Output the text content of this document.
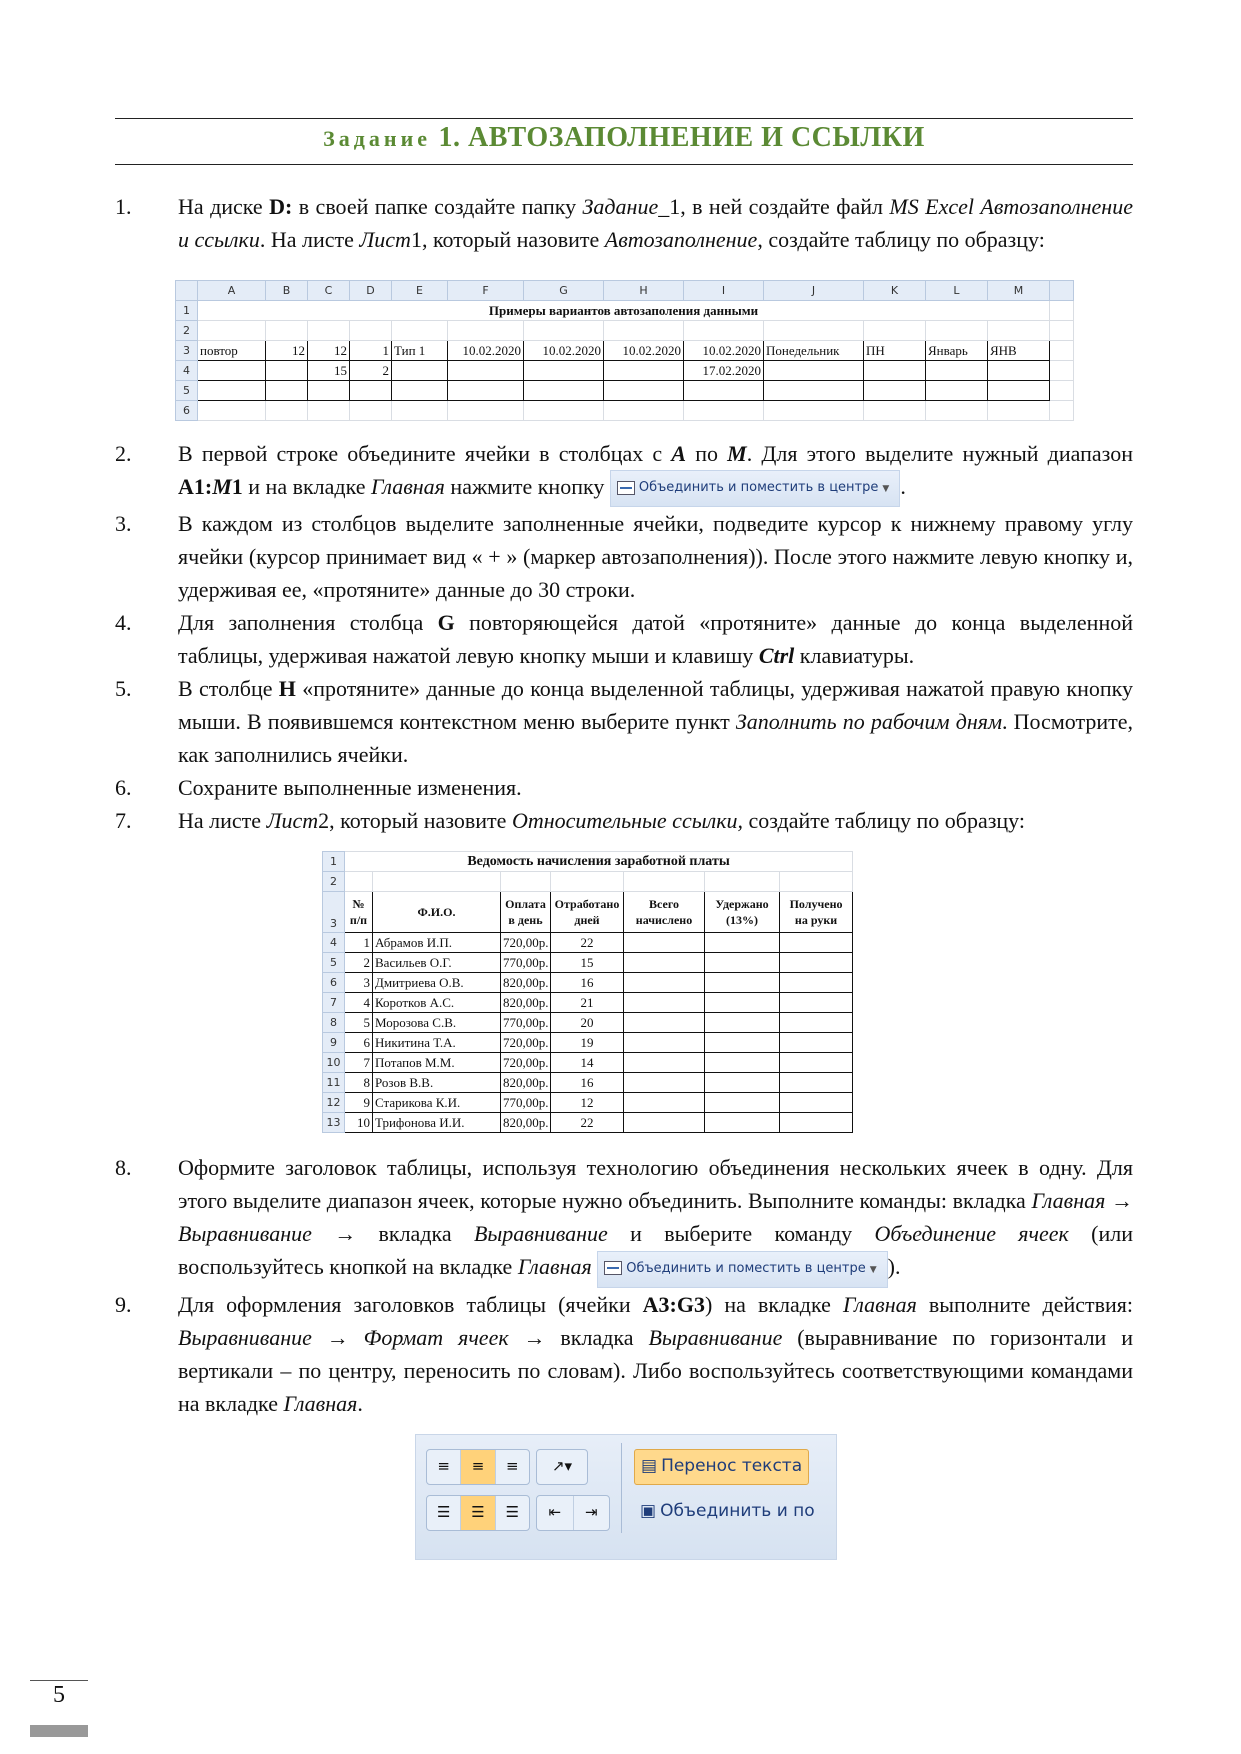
Задание 1. АВТОЗАПОЛНЕНИЕ И ССЫЛКИ
1.	На диске D: в своей папке создайте папку Задание_1, в ней создайте файл MS Excel Автозаполнение и ссылки. На листе Лист1, который назовите Автозаполнение, создайте таблицу по образцу:
	A	B	C	D	E	F	G	H	I	J	K	L	M	
1	Примеры вариантов автозаполения данными													
2														
3	повтор	12	12	1	Тип 1	10.02.2020	10.02.2020	10.02.2020	10.02.2020	Понедельник	ПН	Январь	ЯНВ	
4			15	2					17.02.2020					
5														
6														
2.	В первой строке объедините ячейки в столбцах с A по M. Для этого выделите нужный диапазон A1:M1 и на вкладке Главная нажмите кнопку Объединить и поместить в центре ▼ .
3.	В каждом из столбцов выделите заполненные ячейки, подведите курсор к нижнему правому углу ячейки (курсор принимает вид « + » (маркер автозаполнения)). После этого нажмите левую кнопку и, удерживая ее, «протяните» данные до 30 строки.
4.	Для заполнения столбца G повторяющейся датой «протяните» данные до конца выделенной таблицы, удерживая нажатой левую кнопку мыши и клавишу Ctrl клавиатуры.
5.	В столбце H «протяните» данные до конца выделенной таблицы, удерживая нажатой правую кнопку мыши. В появившемся контекстном меню выберите пункт Заполнить по рабочим дням. Посмотрите, как заполнились ячейки.
6.	Сохраните выполненные изменения.
7.	На листе Лист2, который назовите Относительные ссылки, создайте таблицу по образцу:
1	Ведомость начисления заработной платы						
2							
3	№ п/п	Ф.И.О.	Оплата в день	Отработано дней	Всего начислено	Удержано (13%)	Получено на руки
4	1	Абрамов И.П.	720,00р.	22			
5	2	Васильев О.Г.	770,00р.	15			
6	3	Дмитриева О.В.	820,00р.	16			
7	4	Коротков А.С.	820,00р.	21			
8	5	Морозова С.В.	770,00р.	20			
9	6	Никитина Т.А.	720,00р.	19			
10	7	Потапов М.М.	720,00р.	14			
11	8	Розов В.В.	820,00р.	16			
12	9	Старикова К.И.	770,00р.	12			
13	10	Трифонова И.И.	820,00р.	22			
8.	Оформите заголовок таблицы, используя технологию объединения нескольких ячеек в одну. Для этого выделите диапазон ячеек, которые нужно объединить. Выполните команды: вкладка Главная → Выравнивание → вкладка Выравнивание и выберите команду Объединение ячеек (или воспользуйтесь кнопкой на вкладке Главная	Объединить и поместить в центре ▼ ).
9.	Для оформления заголовков таблицы (ячейки A3:G3) на вкладке Главная выполните действия: Выравнивание → Формат ячеек → вкладка Выравнивание (выравнивание по горизонтали и вертикали – по центру, переносить по словам). Либо воспользуйтесь соответствующими командами на вкладке Главная.
≡	≡	≡	↗▾
☰	☰	☰	⇤	⇥
▤ Перенос текста
▣ Объединить и по
5
